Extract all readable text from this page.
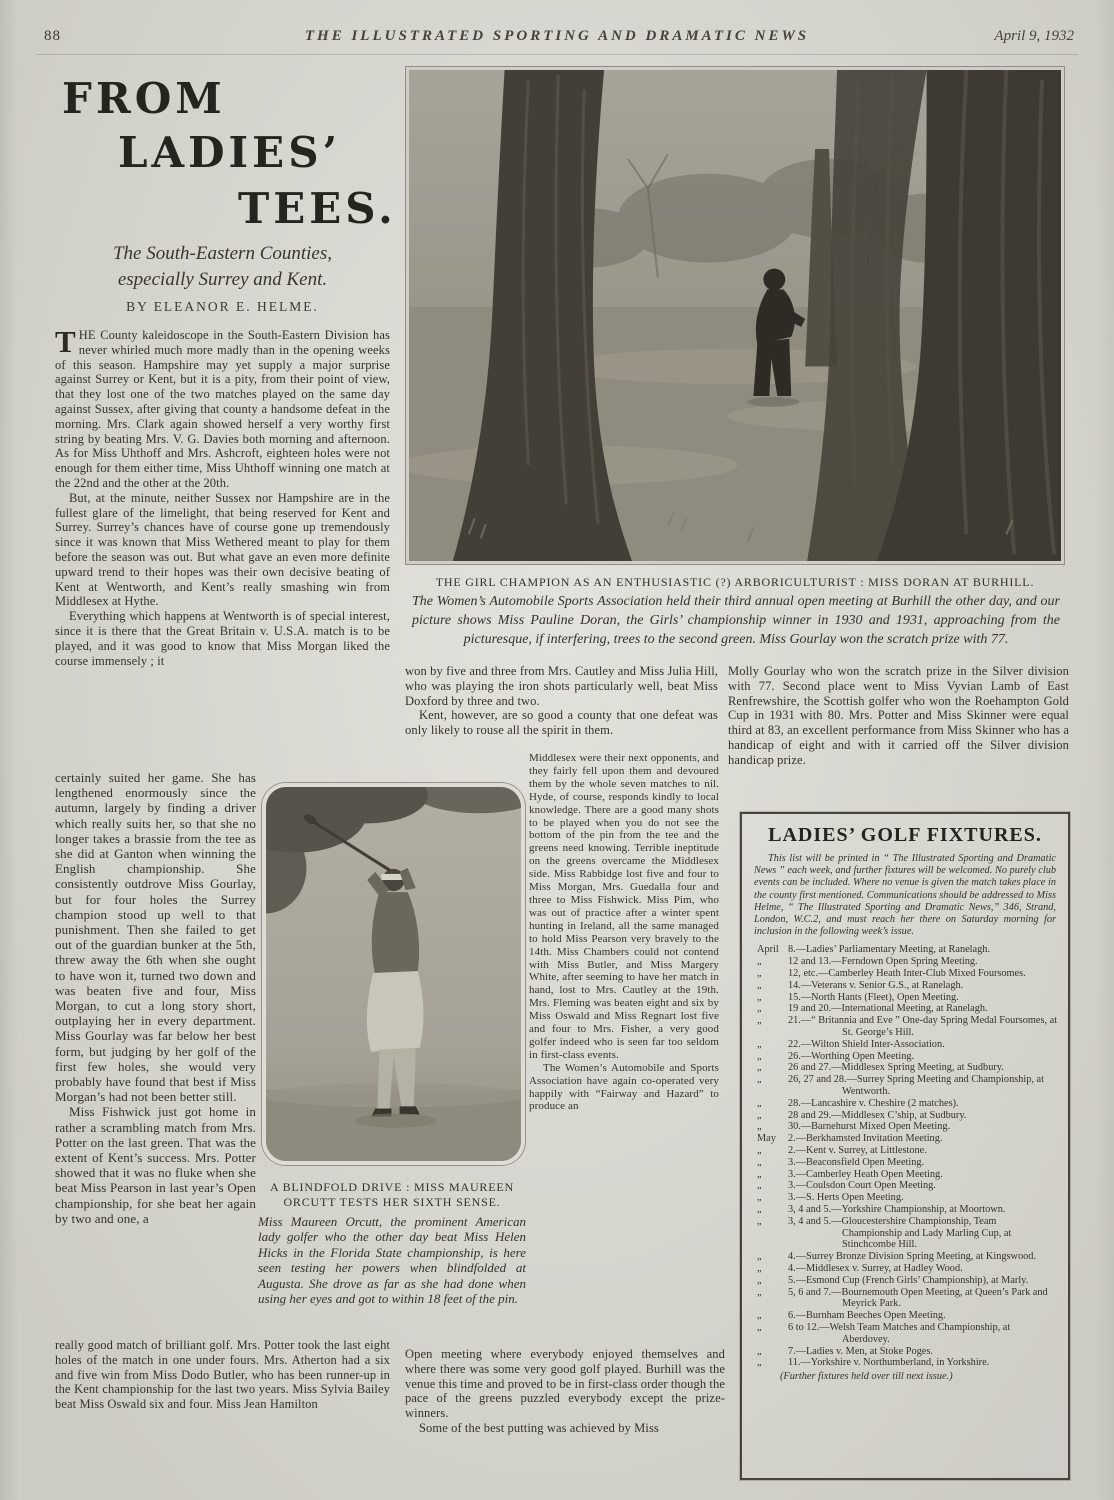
88	THE ILLUSTRATED SPORTING AND DRAMATIC NEWS	April 9, 1932
FROM
LADIES’
TEES.
The South-Eastern Counties,
especially Surrey and Kent.
BY ELEANOR E. HELME.
THE GIRL CHAMPION AS AN ENTHUSIASTIC (?) ARBORICULTURIST : MISS DORAN AT BURHILL.
The Women’s Automobile Sports Association held their third annual open meeting at Burhill the other day, and our picture shows Miss Pauline Doran, the Girls’ championship winner in 1930 and 1931, approaching from the picturesque, if interfering, trees to the second green. Miss Gourlay won the scratch prize with 77.

THE County kaleidoscope in the South-Eastern Division has never whirled much more madly than in the opening weeks of this season. Hampshire may yet supply a major surprise against Surrey or Kent, but it is a pity, from their point of view, that they lost one of the two matches played on the same day against Sussex, after giving that county a handsome defeat in the morning. Mrs. Clark again showed herself a very worthy first string by beating Mrs. V. G. Davies both morning and afternoon. As for Miss Uhthoff and Mrs. Ashcroft, eighteen holes were not enough for them either time, Miss Uhthoff winning one match at the 22nd and the other at the 20th.

But, at the minute, neither Sussex nor Hampshire are in the fullest glare of the limelight, that being reserved for Kent and Surrey. Surrey’s chances have of course gone up tremendously since it was known that Miss Wethered meant to play for them before the season was out. But what gave an even more definite upward trend to their hopes was their own decisive beating of Kent at Wentworth, and Kent’s really smashing win from Middlesex at Hythe.

Everything which happens at Wentworth is of special interest, since it is there that the Great Britain v. U.S.A. match is to be played, and it was good to know that Miss Morgan liked the course immensely ; it

certainly suited her game. She has lengthened enormously since the autumn, largely by finding a driver which really suits her, so that she no longer takes a brassie from the tee as she did at Ganton when winning the English championship. She consistently outdrove Miss Gourlay, but for four holes the Surrey champion stood up well to that punishment. Then she failed to get out of the guardian bunker at the 5th, threw away the 6th when she ought to have won it, turned two down and was beaten five and four, Miss Morgan, to cut a long story short, outplaying her in every department. Miss Gourlay was far below her best form, but judging by her golf of the first few holes, she would very probably have found that best if Miss Morgan’s had not been better still.

Miss Fishwick just got home in rather a scrambling match from Mrs. Potter on the last green. That was the extent of Kent’s success. Mrs. Potter showed that it was no fluke when she beat Miss Pearson in last year’s Open championship, for she beat her again by two and one, a

really good match of brilliant golf. Mrs. Potter took the last eight holes of the match in one under fours. Mrs. Atherton had a six and five win from Miss Dodo Butler, who has been runner-up in the Kent championship for the last two years. Miss Sylvia Bailey beat Miss Oswald six and four. Miss Jean Hamilton

won by five and three from Mrs. Cautley and Miss Julia Hill, who was playing the iron shots particularly well, beat Miss Doxford by three and two.

Kent, however, are so good a county that one defeat was only likely to rouse all the spirit in them.

Middlesex were their next opponents, and they fairly fell upon them and devoured them by the whole seven matches to nil. Hyde, of course, responds kindly to local knowledge. There are a good many shots to be played when you do not see the bottom of the pin from the tee and the greens need knowing. Terrible ineptitude on the greens overcame the Middlesex side. Miss Rabbidge lost five and four to Miss Morgan, Mrs. Guedalla four and three to Miss Fishwick. Miss Pim, who was out of practice after a winter spent hunting in Ireland, all the same managed to hold Miss Pearson very bravely to the 14th. Miss Chambers could not contend with Miss Butler, and Miss Margery White, after seeming to have her match in hand, lost to Mrs. Cautley at the 19th. Mrs. Fleming was beaten eight and six by Miss Oswald and Miss Regnart lost five and four to Mrs. Fisher, a very good golfer indeed who is seen far too seldom in first-class events.

The Women’s Automobile and Sports Association have again co-operated very happily with “Fairway and Hazard” to produce an

Open meeting where everybody enjoyed themselves and where there was some very good golf played. Burhill was the venue this time and proved to be in first-class order though the pace of the greens puzzled everybody except the prize-winners.

Some of the best putting was achieved by Miss

Molly Gourlay who won the scratch prize in the Silver division with 77. Second place went to Miss Vyvian Lamb of East Renfrewshire, the Scottish golfer who won the Roehampton Gold Cup in 1931 with 80. Mrs. Potter and Miss Skinner were equal third at 83, an excellent performance from Miss Skinner who has a handicap of eight and with it carried off the Silver division handicap prize.

A BLINDFOLD DRIVE : MISS MAUREEN
ORCUTT TESTS HER SIXTH SENSE.
Miss Maureen Orcutt, the prominent American lady golfer who the other day beat Miss Helen Hicks in the Florida State championship, is here seen testing her powers when blindfolded at Augusta. She drove as far as she had done when using her eyes and got to within 18 feet of the pin.

LADIES’ GOLF FIXTURES.

This list will be printed in “ The Illustrated Sporting and Dramatic News ” each week, and further fixtures will be welcomed. No purely club events can be included. Where no venue is given the match takes place in the county first mentioned. Communications should be addressed to Miss Helme, “ The Illustrated Sporting and Dramatic News,” 346, Strand, London, W.C.2, and must reach her there on Saturday morning for inclusion in the following week’s issue.

April 8.—Ladies’ Parliamentary Meeting, at Ranelagh.
„	12 and 13.—Ferndown Open Spring Meeting.
„	12, etc.—Camberley Heath Inter-Club Mixed Foursomes.
„	14.—Veterans v. Senior G.S., at Ranelagh.
„	15.—North Hants (Fleet), Open Meeting.
„	19 and 20.—International Meeting, at Ranelagh.
„	21.—“ Britannia and Eve ” One-day Spring Medal Foursomes, at St. George’s Hill.
„	22.—Wilton Shield Inter-Association.
„	26.—Worthing Open Meeting.
„	26 and 27.—Middlesex Spring Meeting, at Sudbury.
„	26, 27 and 28.—Surrey Spring Meeting and Championship, at Wentworth.
„	28.—Lancashire v. Cheshire (2 matches).
„	28 and 29.—Middlesex C’ship, at Sudbury.
„	30.—Barnehurst Mixed Open Meeting.
May	2.—Berkhamsted Invitation Meeting.
„	2.—Kent v. Surrey, at Littlestone.
„	3.—Beaconsfield Open Meeting.
„	3.—Camberley Heath Open Meeting.
„	3.—Coulsdon Court Open Meeting.
„	3.—S. Herts Open Meeting.
„	3, 4 and 5.—Yorkshire Championship, at Moortown.
„	3, 4 and 5.—Gloucestershire Championship, Team Championship and Lady Marling Cup, at Stinchcombe Hill.
„	4.—Surrey Bronze Division Spring Meeting, at Kingswood.
„	4.—Middlesex v. Surrey, at Hadley Wood.
„	5.—Esmond Cup (French Girls’ Championship), at Marly.
„	5, 6 and 7.—Bournemouth Open Meeting, at Queen’s Park and Meyrick Park.
„	6.—Burnham Beeches Open Meeting.
„	6 to 12.—Welsh Team Matches and Championship, at Aberdovey.
„	7.—Ladies v. Men, at Stoke Poges.
„	11.—Yorkshire v. Northumberland, in Yorkshire.
(Further fixtures held over till next issue.)
